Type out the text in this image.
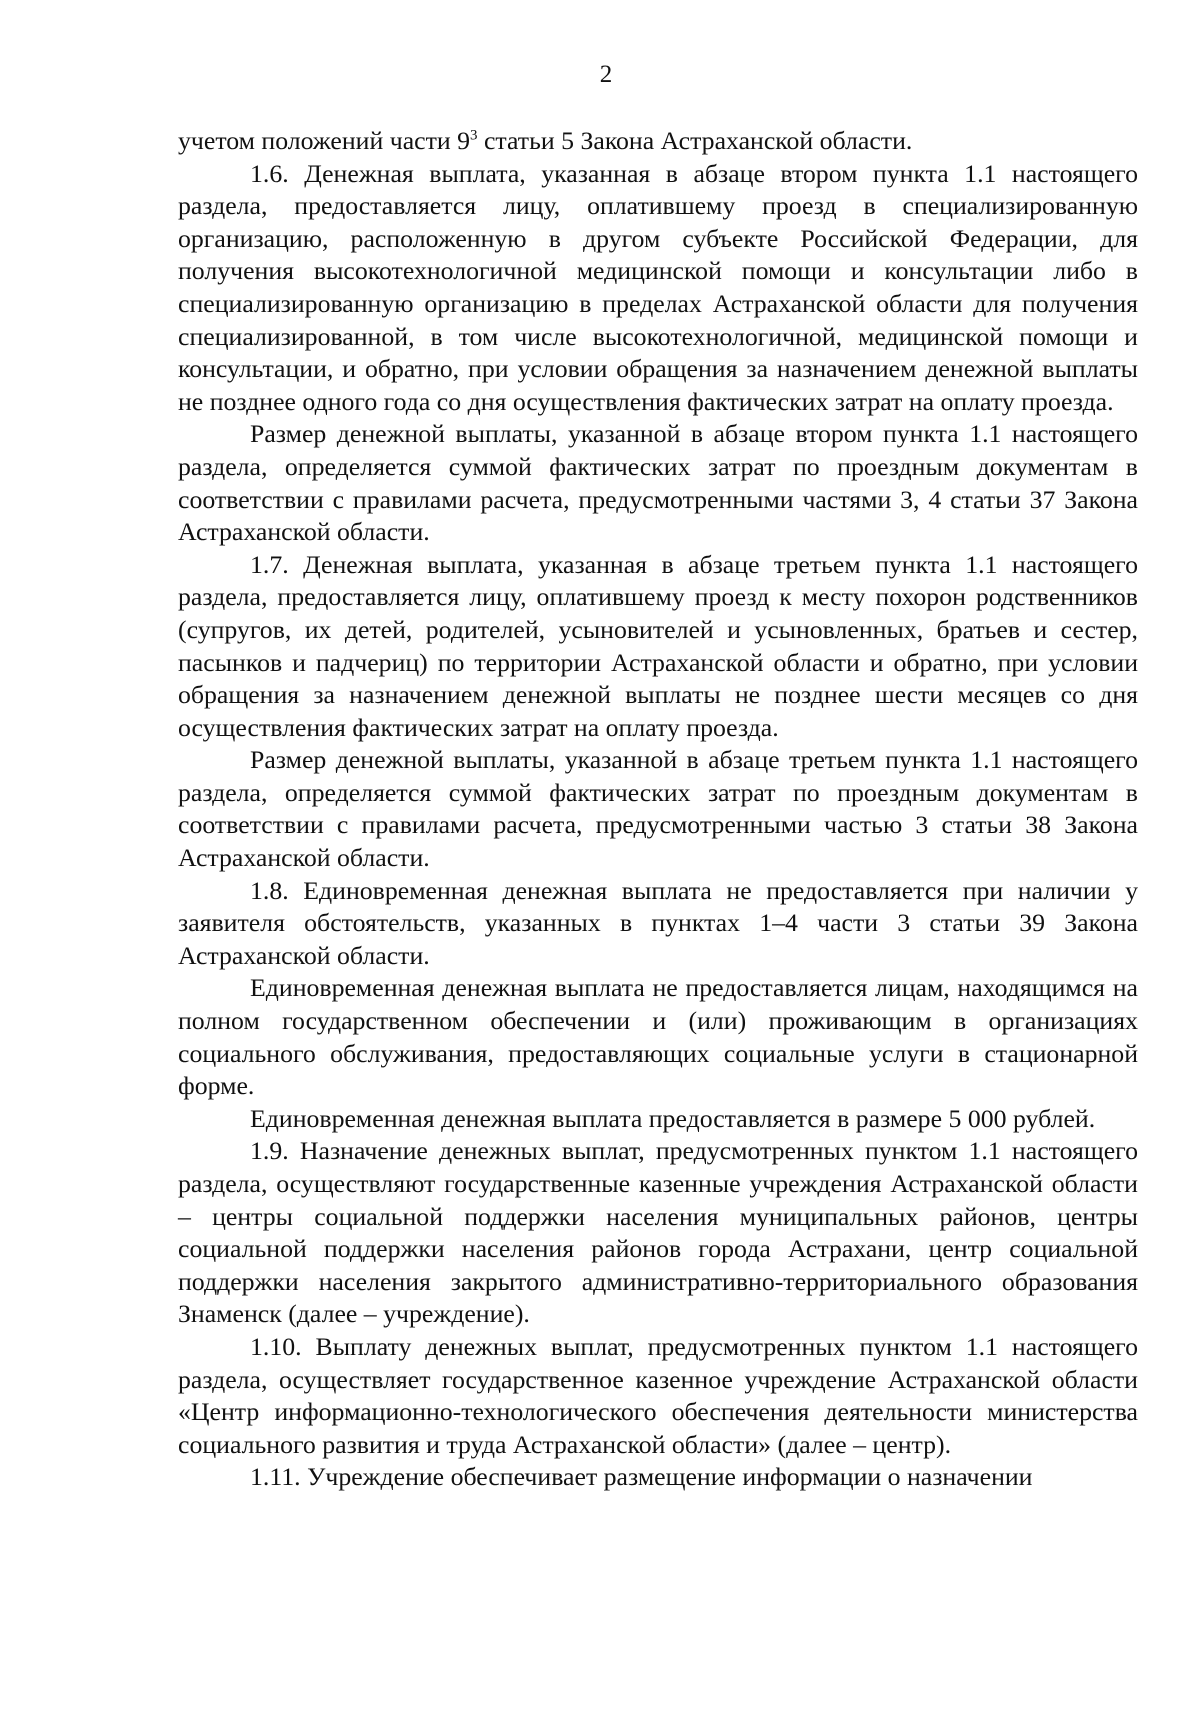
2

учетом положений части $9^3$ статьи 5 Закона Астраханской области.

1.6. Денежная выплата, указанная в абзаце втором пункта 1.1 настоящего раздела, предоставляется лицу, оплатившему проезд в специализированную организацию, расположенную в другом субъекте Российской Федерации, для получения высокотехнологичной медицинской помощи и консультации либо в специализированную организацию в пределах Астраханской области для получения специализированной, в том числе высокотехнологичной, медицинской помощи и консультации, и обратно, при условии обращения за назначением денежной выплаты не позднее одного года со дня осуществления фактических затрат на оплату проезда.

Размер денежной выплаты, указанной в абзаце втором пункта 1.1 настоящего раздела, определяется суммой фактических затрат по проездным документам в соответствии с правилами расчета, предусмотренными частями 3, 4 статьи 37 Закона Астраханской области.

1.7. Денежная выплата, указанная в абзаце третьем пункта 1.1 настоящего раздела, предоставляется лицу, оплатившему проезд к месту похорон родственников (супругов, их детей, родителей, усыновителей и усыновленных, братьев и сестер, пасынков и падчериц) по территории Астраханской области и обратно, при условии обращения за назначением денежной выплаты не позднее шести месяцев со дня осуществления фактических затрат на оплату проезда.

Размер денежной выплаты, указанной в абзаце третьем пункта 1.1 настоящего раздела, определяется суммой фактических затрат по проездным документам в соответствии с правилами расчета, предусмотренными частью 3 статьи 38 Закона Астраханской области.

1.8. Единовременная денежная выплата не предоставляется при наличии у заявителя обстоятельств, указанных в пунктах 1–4 части 3 статьи 39 Закона Астраханской области.

Единовременная денежная выплата не предоставляется лицам, находящимся на полном государственном обеспечении и (или) проживающим в организациях социального обслуживания, предоставляющих социальные услуги в стационарной форме.

Единовременная денежная выплата предоставляется в размере 5 000 рублей.

1.9. Назначение денежных выплат, предусмотренных пунктом 1.1 настоящего раздела, осуществляют государственные казенные учреждения Астраханской области – центры социальной поддержки населения муниципальных районов, центры социальной поддержки населения районов города Астрахани, центр социальной поддержки населения закрытого административно-территориального образования Знаменск (далее – учреждение).

1.10. Выплату денежных выплат, предусмотренных пунктом 1.1 настоящего раздела, осуществляет государственное казенное учреждение Астраханской области «Центр информационно-технологического обеспечения деятельности министерства социального развития и труда Астраханской области» (далее – центр).

1.11. Учреждение обеспечивает размещение информации о назначении
